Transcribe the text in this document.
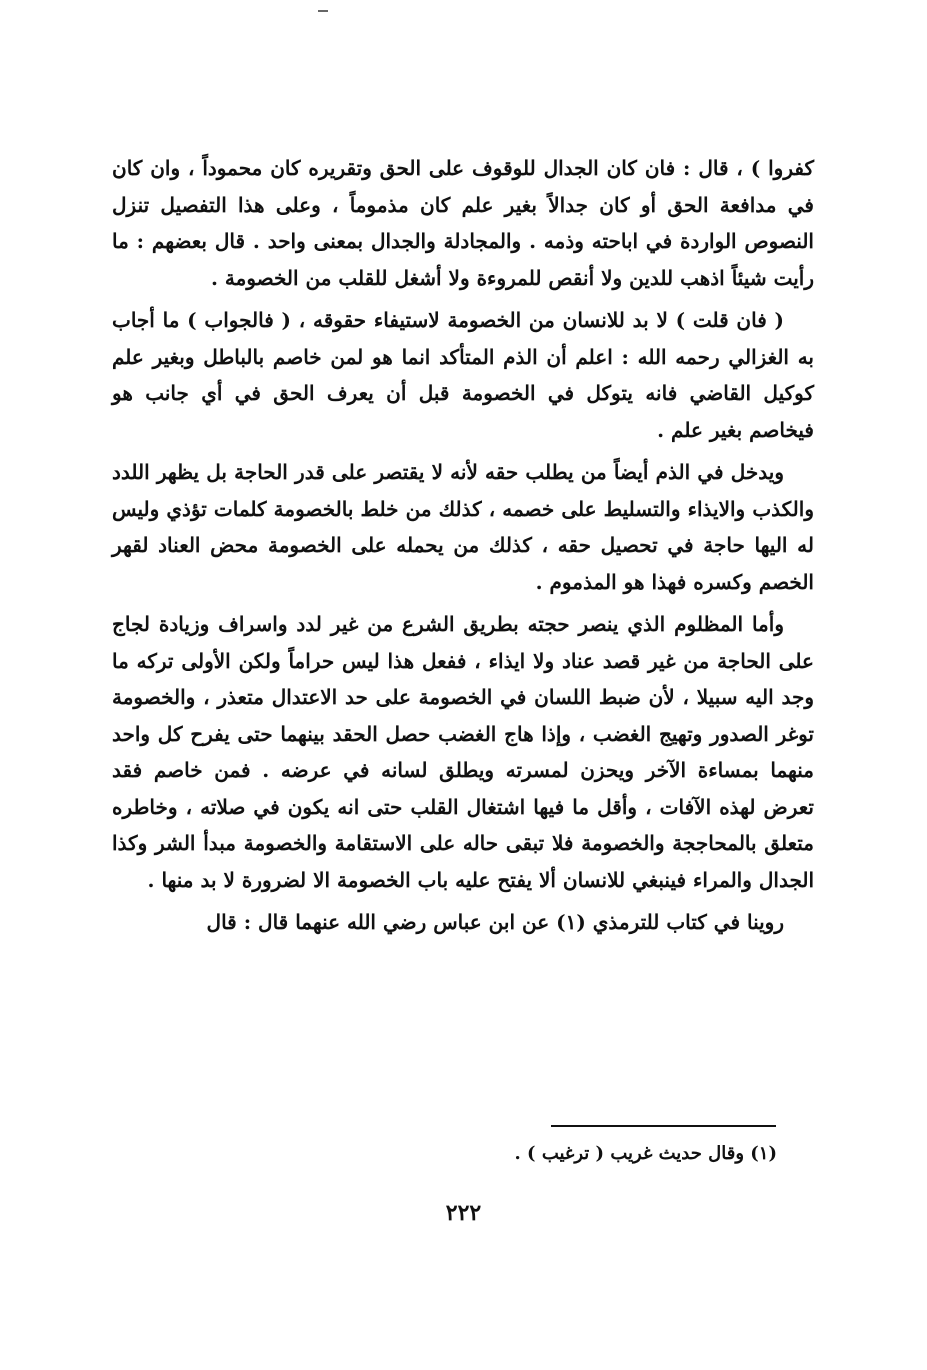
كفروا ) ، قال : فان كان الجدال للوقوف على الحق وتقريره كان محموداً ، وان كان في مدافعة الحق أو كان جدالاً بغير علم كان مذموماً ، وعلى هذا التفصيل تنزل النصوص الواردة في اباحته وذمه . والمجادلة والجدال بمعنى واحد . قال بعضهم : ما رأيت شيئاً اذهب للدين ولا أنقص للمروءة ولا أشغل للقلب من الخصومة .

( فان قلت ) لا بد للانسان من الخصومة لاستيفاء حقوقه ، ( فالجواب ) ما أجاب به الغزالي رحمه الله : اعلم أن الذم المتأكد انما هو لمن خاصم بالباطل وبغير علم كوكيل القاضي فانه يتوكل في الخصومة قبل أن يعرف الحق في أي جانب هو فيخاصم بغير علم .

ويدخل في الذم أيضاً من يطلب حقه لأنه لا يقتصر على قدر الحاجة بل يظهر اللدد والكذب والايذاء والتسليط على خصمه ، كذلك من خلط بالخصومة كلمات تؤذي وليس له اليها حاجة في تحصيل حقه ، كذلك من يحمله على الخصومة محض العناد لقهر الخصم وكسره فهذا هو المذموم .

وأما المظلوم الذي ينصر حجته بطريق الشرع من غير لدد واسراف وزيادة لجاج على الحاجة من غير قصد عناد ولا ايذاء ، ففعل هذا ليس حراماً ولكن الأولى تركه ما وجد اليه سبيلا ، لأن ضبط اللسان في الخصومة على حد الاعتدال متعذر ، والخصومة توغر الصدور وتهيج الغضب ، وإذا هاج الغضب حصل الحقد بينهما حتى يفرح كل واحد منهما بمساءة الآخر ويحزن لمسرته ويطلق لسانه في عرضه . فمن خاصم فقد تعرض لهذه الآفات ، وأقل ما فيها اشتغال القلب حتى انه يكون في صلاته ، وخاطره متعلق بالمحاججة والخصومة فلا تبقى حاله على الاستقامة والخصومة مبدأ الشر وكذا الجدال والمراء فينبغي للانسان ألا يفتح عليه باب الخصومة الا لضرورة لا بد منها .

روينا في كتاب للترمذي (١) عن ابن عباس رضي الله عنهما قال : قال

(١) وقال حديث غريب ( ترغيب ) .
٢٢٢
